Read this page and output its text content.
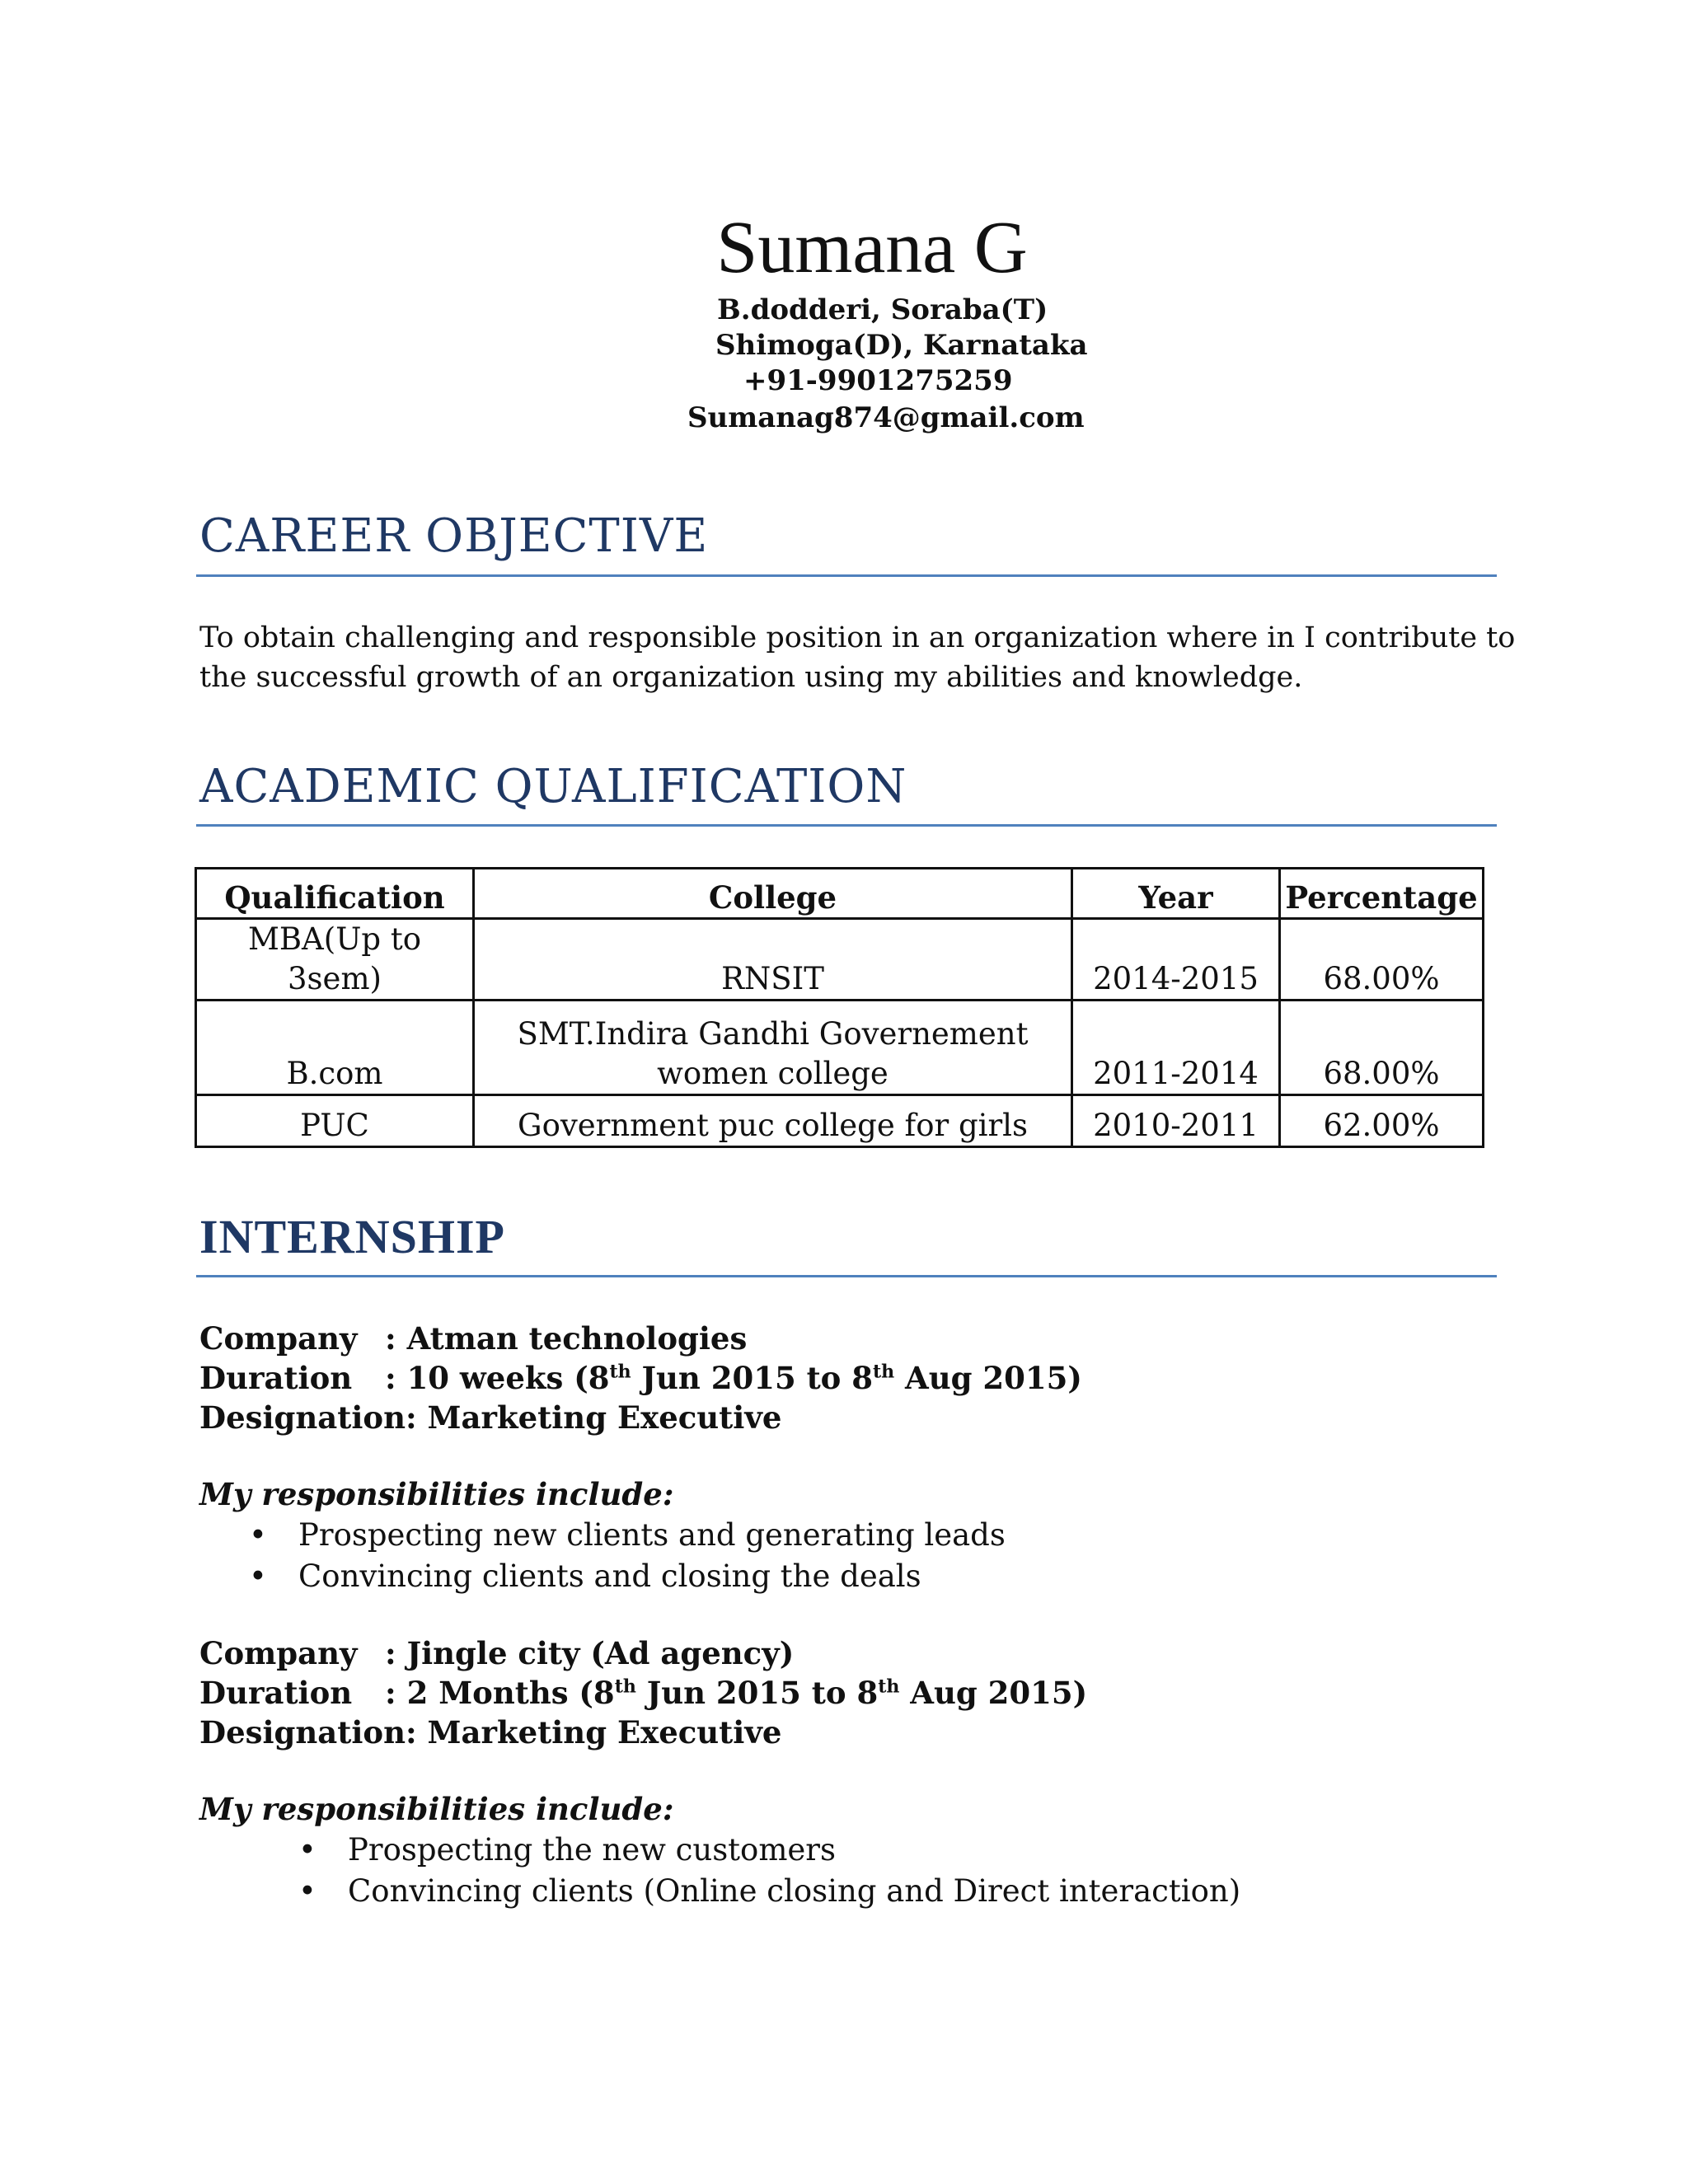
Sumana G
B.dodderi, Soraba(T)
Shimoga(D), Karnataka
+91-9901275259
Sumanag874@gmail.com
CAREER OBJECTIVE
To obtain challenging and responsible position in an organization where in I contribute to
the successful growth of an organization using my abilities and knowledge.
ACADEMIC QUALIFICATION
Qualification	College	Year	Percentage

MBA(Up to
3sem)	RNSIT	2014-2015	68.00%

B.com	SMT.Indira Gandhi Governement
women college	2011-2014	68.00%
PUC	Government puc college for girls	2010-2011	62.00%
INTERNSHIP
Company : Atman technologies
Duration : 10 weeks (8th Jun 2015 to 8th Aug 2015)
Designation: Marketing Executive
My responsibilities include:
• Prospecting new clients and generating leads
• Convincing clients and closing the deals
Company : Jingle city (Ad agency)
Duration : 2 Months (8th Jun 2015 to 8th Aug 2015)
Designation: Marketing Executive
My responsibilities include:
• Prospecting the new customers
• Convincing clients (Online closing and Direct interaction)
